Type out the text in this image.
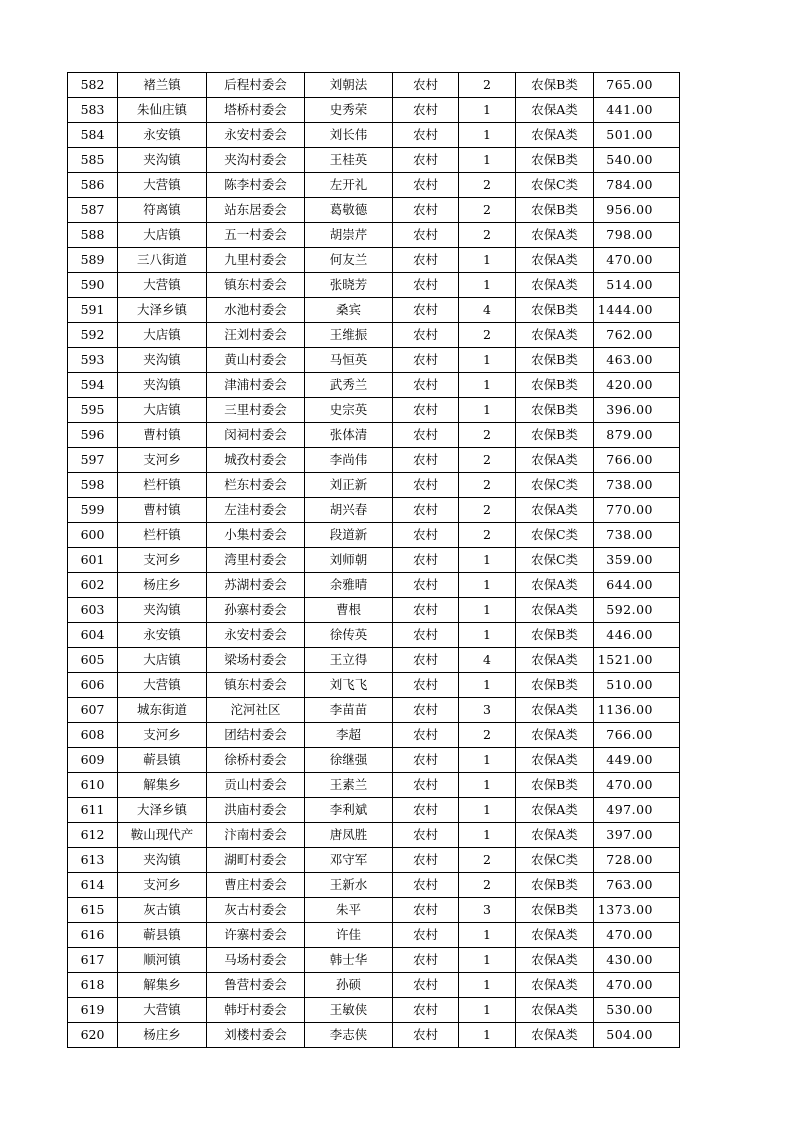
582	褚兰镇	后程村委会	刘朝法	农村	2	农保B类	765.00
583	朱仙庄镇	塔桥村委会	史秀荣	农村	1	农保A类	441.00
584	永安镇	永安村委会	刘长伟	农村	1	农保A类	501.00
585	夹沟镇	夹沟村委会	王桂英	农村	1	农保B类	540.00
586	大营镇	陈李村委会	左开礼	农村	2	农保C类	784.00
587	符离镇	站东居委会	葛敬德	农村	2	农保B类	956.00
588	大店镇	五一村委会	胡崇芹	农村	2	农保A类	798.00
589	三八街道	九里村委会	何友兰	农村	1	农保A类	470.00
590	大营镇	镇东村委会	张晓芳	农村	1	农保A类	514.00
591	大泽乡镇	水池村委会	桑宾	农村	4	农保B类	1444.00
592	大店镇	汪刘村委会	王维振	农村	2	农保A类	762.00
593	夹沟镇	黄山村委会	马恒英	农村	1	农保B类	463.00
594	夹沟镇	津浦村委会	武秀兰	农村	1	农保B类	420.00
595	大店镇	三里村委会	史宗英	农村	1	农保B类	396.00
596	曹村镇	闵祠村委会	张体清	农村	2	农保B类	879.00
597	支河乡	城孜村委会	李尚伟	农村	2	农保A类	766.00
598	栏杆镇	栏东村委会	刘正新	农村	2	农保C类	738.00
599	曹村镇	左洼村委会	胡兴春	农村	2	农保A类	770.00
600	栏杆镇	小集村委会	段道新	农村	2	农保C类	738.00
601	支河乡	湾里村委会	刘师朝	农村	1	农保C类	359.00
602	杨庄乡	苏湖村委会	余雅晴	农村	1	农保A类	644.00
603	夹沟镇	孙寨村委会	曹根	农村	1	农保A类	592.00
604	永安镇	永安村委会	徐传英	农村	1	农保B类	446.00
605	大店镇	梁场村委会	王立得	农村	4	农保A类	1521.00
606	大营镇	镇东村委会	刘飞飞	农村	1	农保B类	510.00
607	城东街道	沱河社区	李苗苗	农村	3	农保A类	1136.00
608	支河乡	团结村委会	李超	农村	2	农保A类	766.00
609	蕲县镇	徐桥村委会	徐继强	农村	1	农保A类	449.00
610	解集乡	贡山村委会	王素兰	农村	1	农保B类	470.00
611	大泽乡镇	洪庙村委会	李利斌	农村	1	农保A类	497.00
612	鞍山现代产	汴南村委会	唐凤胜	农村	1	农保A类	397.00
613	夹沟镇	湖町村委会	邓守军	农村	2	农保C类	728.00
614	支河乡	曹庄村委会	王新水	农村	2	农保B类	763.00
615	灰古镇	灰古村委会	朱平	农村	3	农保B类	1373.00
616	蕲县镇	许寨村委会	许佳	农村	1	农保A类	470.00
617	顺河镇	马场村委会	韩士华	农村	1	农保A类	430.00
618	解集乡	鲁营村委会	孙硕	农村	1	农保A类	470.00
619	大营镇	韩圩村委会	王敏侠	农村	1	农保A类	530.00
620	杨庄乡	刘楼村委会	李志侠	农村	1	农保A类	504.00
